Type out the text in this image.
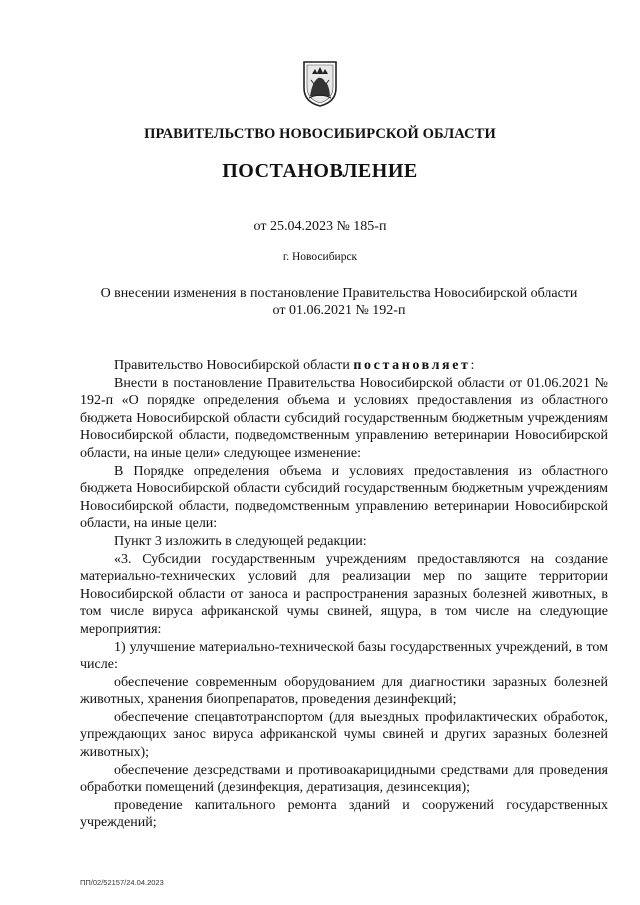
ПРАВИТЕЛЬСТВО НОВОСИБИРСКОЙ ОБЛАСТИ
ПОСТАНОВЛЕНИЕ
от 25.04.2023 № 185-п
г. Новосибирск
О внесении изменения в постановление Правительства Новосибирской области
от 01.06.2021 № 192-п

Правительство Новосибирской области постановляет:

Внести в постановление Правительства Новосибирской области от 01.06.2021 № 192-п «О порядке определения объема и условиях предоставления из областного бюджета Новосибирской области субсидий государственным бюджетным учреждениям Новосибирской области, подведомственным управлению ветеринарии Новосибирской области, на иные цели» следующее изменение:

В Порядке определения объема и условиях предоставления из областного бюджета Новосибирской области субсидий государственным бюджетным учреждениям Новосибирской области, подведомственным управлению ветеринарии Новосибирской области, на иные цели:

Пункт 3 изложить в следующей редакции:

«3. Субсидии государственным учреждениям предоставляются на создание материально-технических условий для реализации мер по защите территории Новосибирской области от заноса и распространения заразных болезней животных, в том числе вируса африканской чумы свиней, ящура, в том числе на следующие мероприятия:

1) улучшение материально-технической базы государственных учреждений, в том числе:

обеспечение современным оборудованием для диагностики заразных болезней животных, хранения биопрепаратов, проведения дезинфекций;

обеспечение спецавтотранспортом (для выездных профилактических обработок, упреждающих занос вируса африканской чумы свиней и других заразных болезней животных);

обеспечение дезсредствами и противоакарицидными средствами для проведения обработки помещений (дезинфекция, дератизация, дезинсекция);

проведение капитального ремонта зданий и сооружений государственных учреждений;

ПП/02/52157/24.04.2023
